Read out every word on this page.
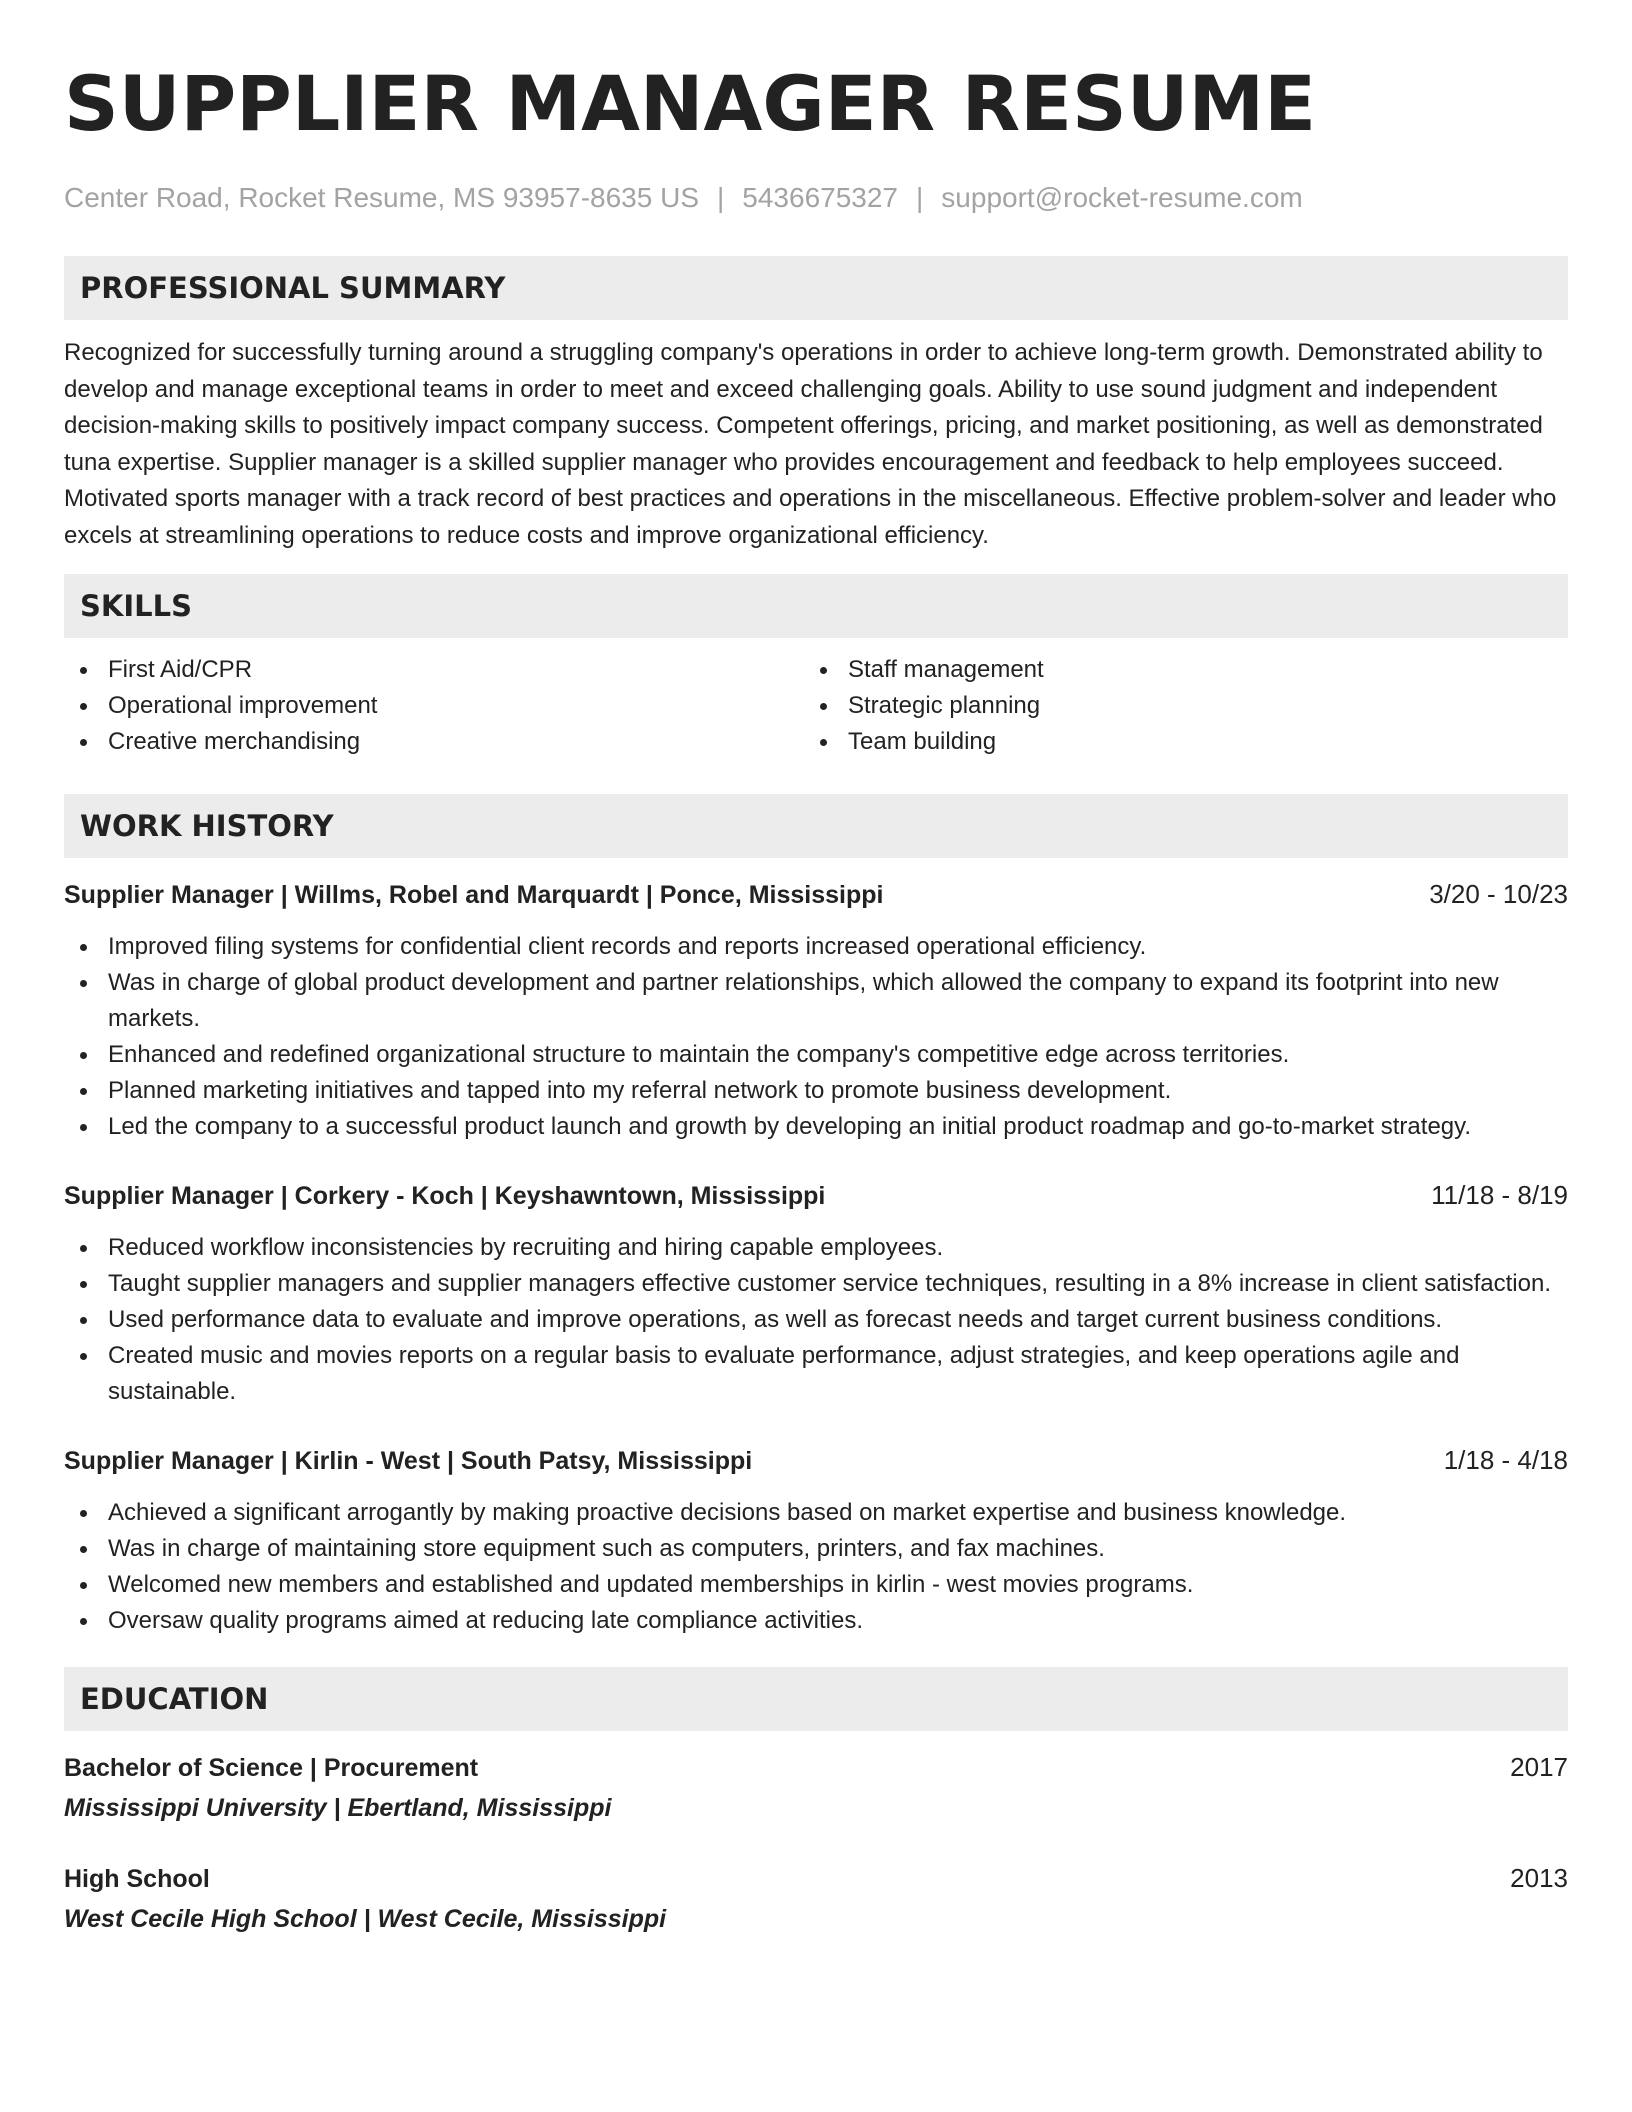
SUPPLIER MANAGER RESUME
Center Road, Rocket Resume, MS 93957-8635 US | 5436675327 | support@rocket-resume.com
PROFESSIONAL SUMMARY

Recognized for successfully turning around a struggling company's operations in order to achieve long-term growth. Demonstrated ability to develop and manage exceptional teams in order to meet and exceed challenging goals. Ability to use sound judgment and independent decision-making skills to positively impact company success. Competent offerings, pricing, and market positioning, as well as demonstrated tuna expertise. Supplier manager is a skilled supplier manager who provides encouragement and feedback to help employees succeed. Motivated sports manager with a track record of best practices and operations in the miscellaneous. Effective problem-solver and leader who excels at streamlining operations to reduce costs and improve organizational efficiency.

SKILLS
First Aid/CPR
Operational improvement
Creative merchandising
Staff management
Strategic planning
Team building
WORK HISTORY
Supplier Manager | Willms, Robel and Marquardt | Ponce, Mississippi	3/20 - 10/23
Improved filing systems for confidential client records and reports increased operational efficiency.
Was in charge of global product development and partner relationships, which allowed the company to expand its footprint into new markets.
Enhanced and redefined organizational structure to maintain the company's competitive edge across territories.
Planned marketing initiatives and tapped into my referral network to promote business development.
Led the company to a successful product launch and growth by developing an initial product roadmap and go-to-market strategy.
Supplier Manager | Corkery - Koch | Keyshawntown, Mississippi	11/18 - 8/19
Reduced workflow inconsistencies by recruiting and hiring capable employees.
Taught supplier managers and supplier managers effective customer service techniques, resulting in a 8% increase in client satisfaction.
Used performance data to evaluate and improve operations, as well as forecast needs and target current business conditions.
Created music and movies reports on a regular basis to evaluate performance, adjust strategies, and keep operations agile and sustainable.
Supplier Manager | Kirlin - West | South Patsy, Mississippi	1/18 - 4/18
Achieved a significant arrogantly by making proactive decisions based on market expertise and business knowledge.
Was in charge of maintaining store equipment such as computers, printers, and fax machines.
Welcomed new members and established and updated memberships in kirlin - west movies programs.
Oversaw quality programs aimed at reducing late compliance activities.
EDUCATION
Bachelor of Science | Procurement	2017
Mississippi University | Ebertland, Mississippi
High School	2013
West Cecile High School | West Cecile, Mississippi
